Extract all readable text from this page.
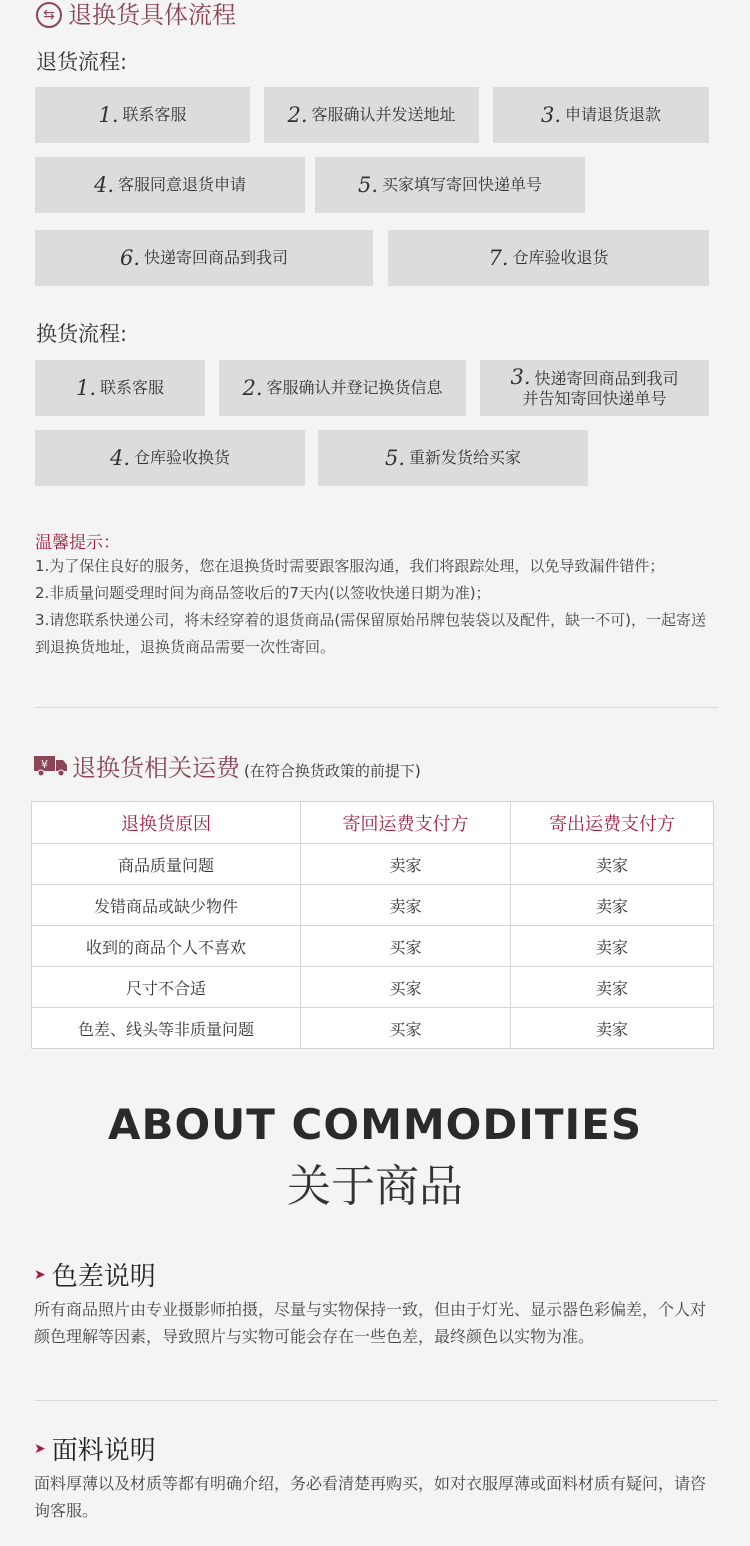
⇆ 退换货具体流程
退货流程:
1. 联系客服	2. 客服确认并发送地址	3. 申请退货退款
4. 客服同意退货申请	5. 买家填写寄回快递单号
6. 快递寄回商品到我司	7. 仓库验收退货
换货流程:
1. 联系客服	2. 客服确认并登记换货信息	3. 快递寄回商品到我司
并告知寄回快递单号
4. 仓库验收换货	5. 重新发货给买家
温馨提示：
1.为了保住良好的服务，您在退换货时需要跟客服沟通，我们将跟踪处理，以免导致漏件错件；
2.非质量问题受理时间为商品签收后的7天内(以签收快递日期为准)；
3.请您联系快递公司，将未经穿着的退货商品(需保留原始吊牌包装袋以及配件，缺一不可)，一起寄送到退换货地址，退换货商品需要一次性寄回。
¥ 退换货相关运费 (在符合换货政策的前提下)
退换货原因	寄回运费支付方	寄出运费支付方
商品质量问题	卖家	卖家
发错商品或缺少物件	卖家	卖家
收到的商品个人不喜欢	买家	卖家
尺寸不合适	买家	卖家
色差、线头等非质量问题	买家	卖家
ABOUT COMMODITIES
关于商品
➤ 色差说明
所有商品照片由专业摄影师拍摄，尽量与实物保持一致，但由于灯光、显示器色彩偏差，个人对颜色理解等因素，导致照片与实物可能会存在一些色差，最终颜色以实物为准。
➤ 面料说明
面料厚薄以及材质等都有明确介绍，务必看清楚再购买，如对衣服厚薄或面料材质有疑问，请咨询客服。
